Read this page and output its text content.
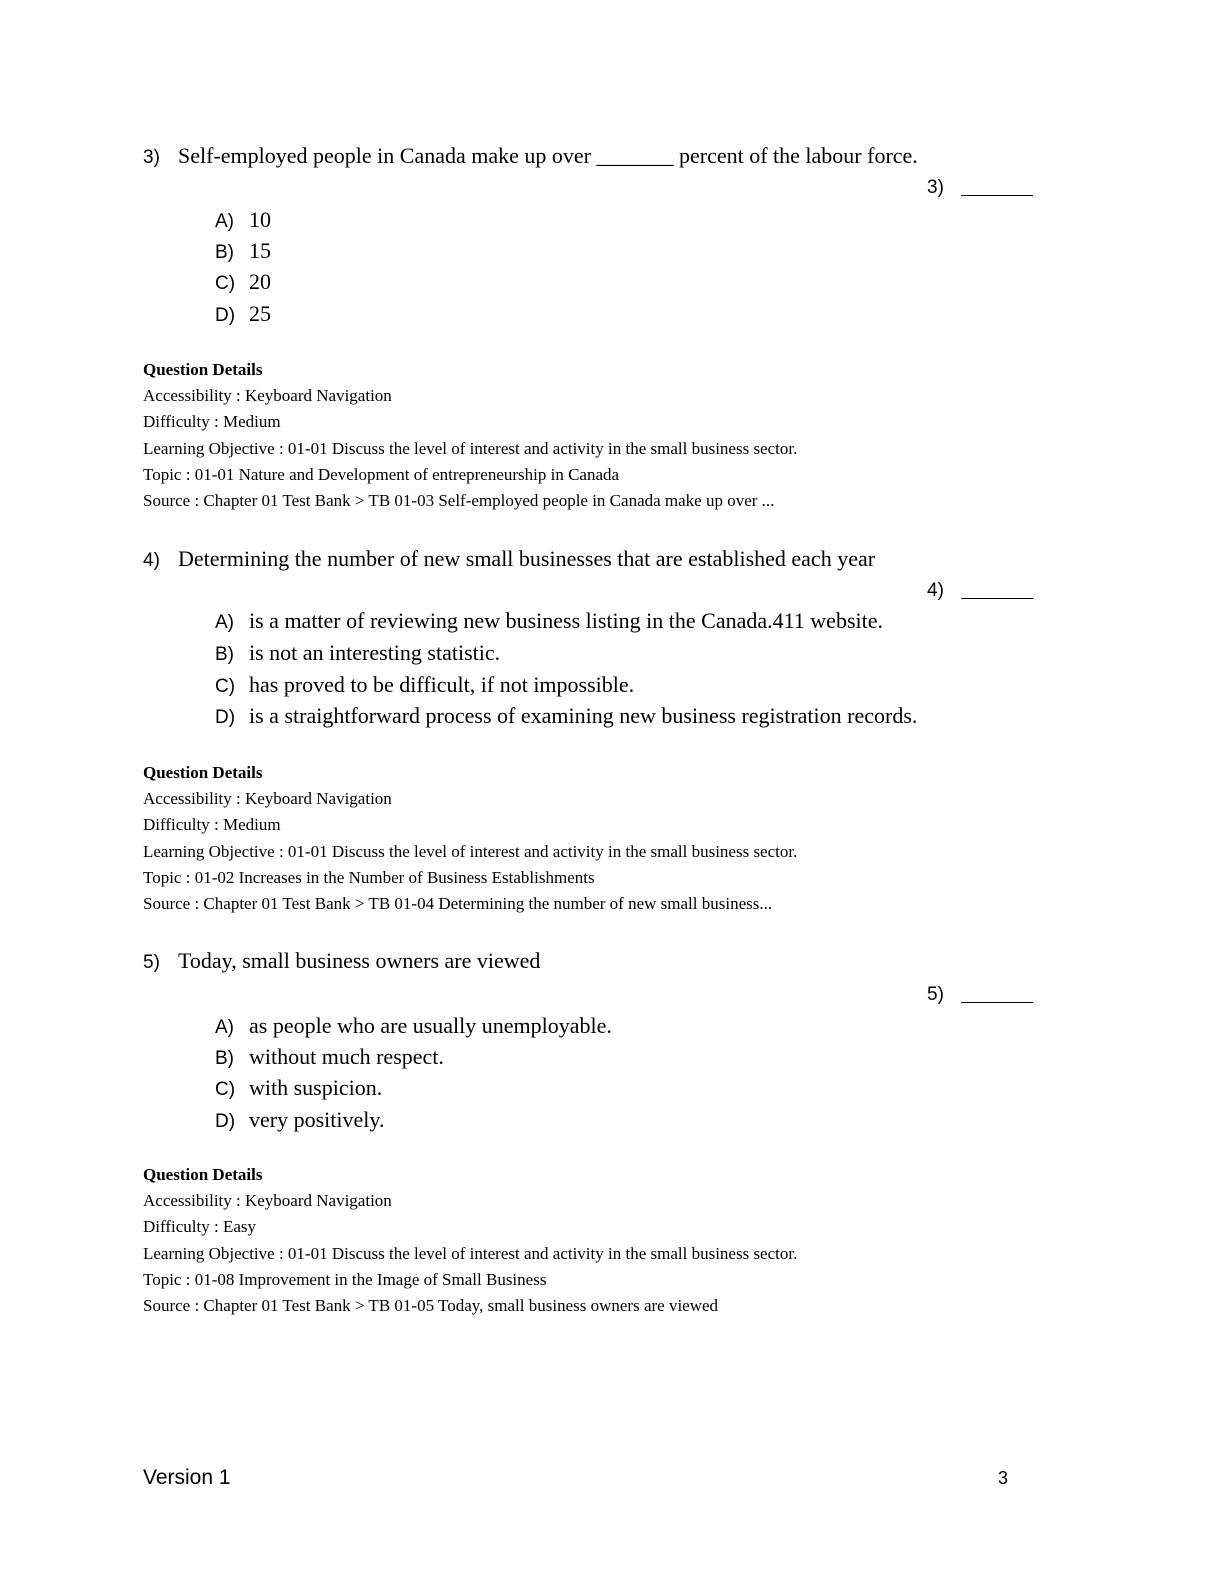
3) Self-employed people in Canada make up over _______ percent of the labour force.
3)
A) 10
B) 15
C) 20
D) 25
Question Details
Accessibility : Keyboard Navigation
Difficulty : Medium
Learning Objective : 01-01 Discuss the level of interest and activity in the small business sector.
Topic : 01-01 Nature and Development of entrepreneurship in Canada
Source : Chapter 01 Test Bank > TB 01-03 Self-employed people in Canada make up over ...
4) Determining the number of new small businesses that are established each year
4)
A) is a matter of reviewing new business listing in the Canada.411 website.
B) is not an interesting statistic.
C) has proved to be difficult, if not impossible.
D) is a straightforward process of examining new business registration records.
Question Details
Accessibility : Keyboard Navigation
Difficulty : Medium
Learning Objective : 01-01 Discuss the level of interest and activity in the small business sector.
Topic : 01-02 Increases in the Number of Business Establishments
Source : Chapter 01 Test Bank > TB 01-04 Determining the number of new small business...
5) Today, small business owners are viewed
5)
A) as people who are usually unemployable.
B) without much respect.
C) with suspicion.
D) very positively.
Question Details
Accessibility : Keyboard Navigation
Difficulty : Easy
Learning Objective : 01-01 Discuss the level of interest and activity in the small business sector.
Topic : 01-08 Improvement in the Image of Small Business
Source : Chapter 01 Test Bank > TB 01-05 Today, small business owners are viewed
Version 1	3
